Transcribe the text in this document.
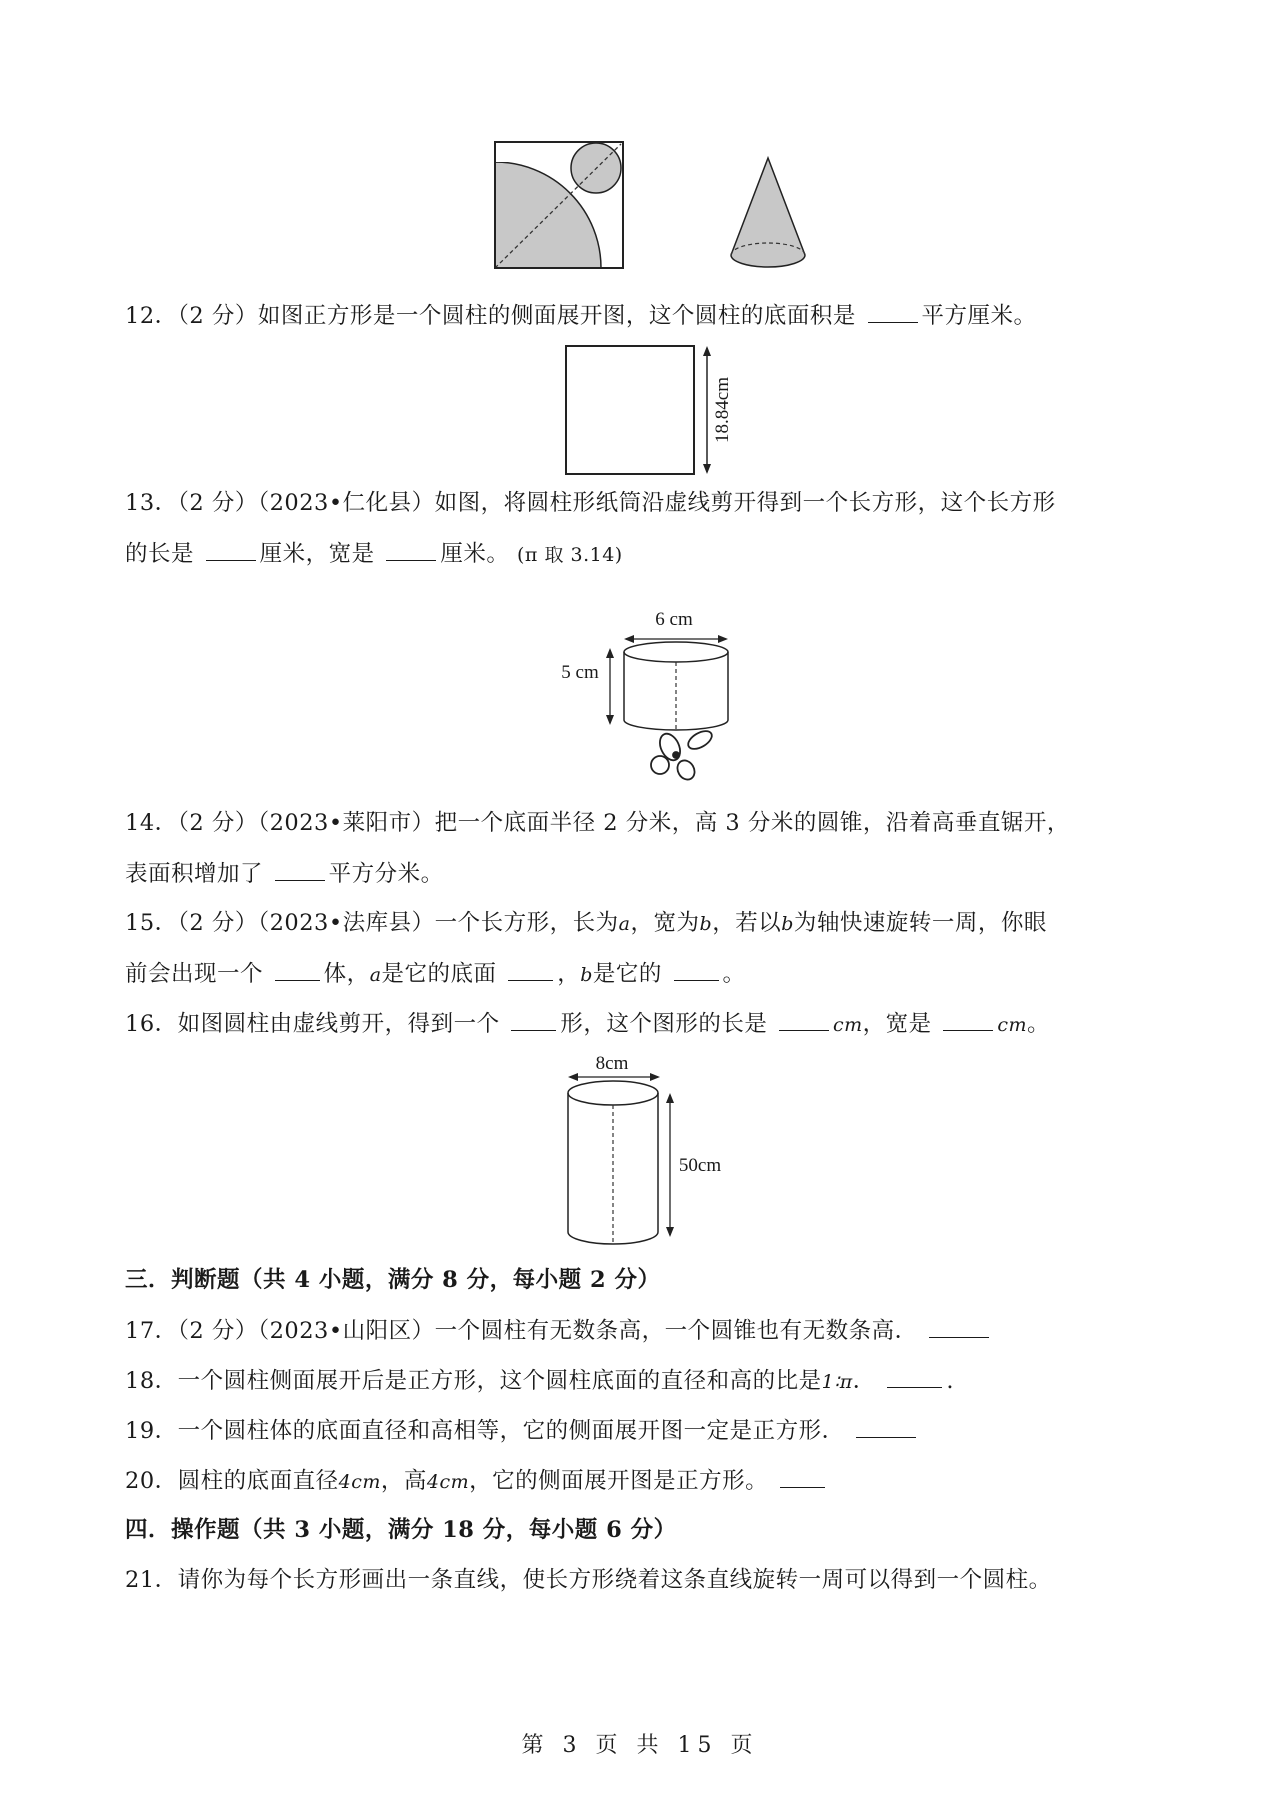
12．（2 分）如图正方形是一个圆柱的侧面展开图，这个圆柱的底面积是	平方厘米。
18.84cm
13．（2 分）（2023•仁化县）如图，将圆柱形纸筒沿虚线剪开得到一个长方形，这个长方形
的长是	厘米，宽是	厘米。 (π 取 3.14)
6 cm
5 cm
14．（2 分）（2023•莱阳市）把一个底面半径 2 分米，高 3 分米的圆锥，沿着高垂直锯开，
表面积增加了	平方分米。
15．（2 分）（2023•法库县）一个长方形，长为a，宽为b，若以b为轴快速旋转一周，你眼
前会出现一个	体，a是它的底面	，b是它的	。
16．如图圆柱由虚线剪开，得到一个	形，这个图形的长是	cm，宽是	cm。
8cm
50cm
三．判断题（共 4 小题，满分 8 分，每小题 2 分）
17．（2 分）（2023•山阳区）一个圆柱有无数条高，一个圆锥也有无数条高．
18．一个圆柱侧面展开后是正方形，这个圆柱底面的直径和高的比是1∶π．	.
19．一个圆柱体的底面直径和高相等，它的侧面展开图一定是正方形．
20．圆柱的底面直径4cm，高4cm，它的侧面展开图是正方形。
四．操作题（共 3 小题，满分 18 分，每小题 6 分）
21．请你为每个长方形画出一条直线，使长方形绕着这条直线旋转一周可以得到一个圆柱。
第 3 页 共 15 页
